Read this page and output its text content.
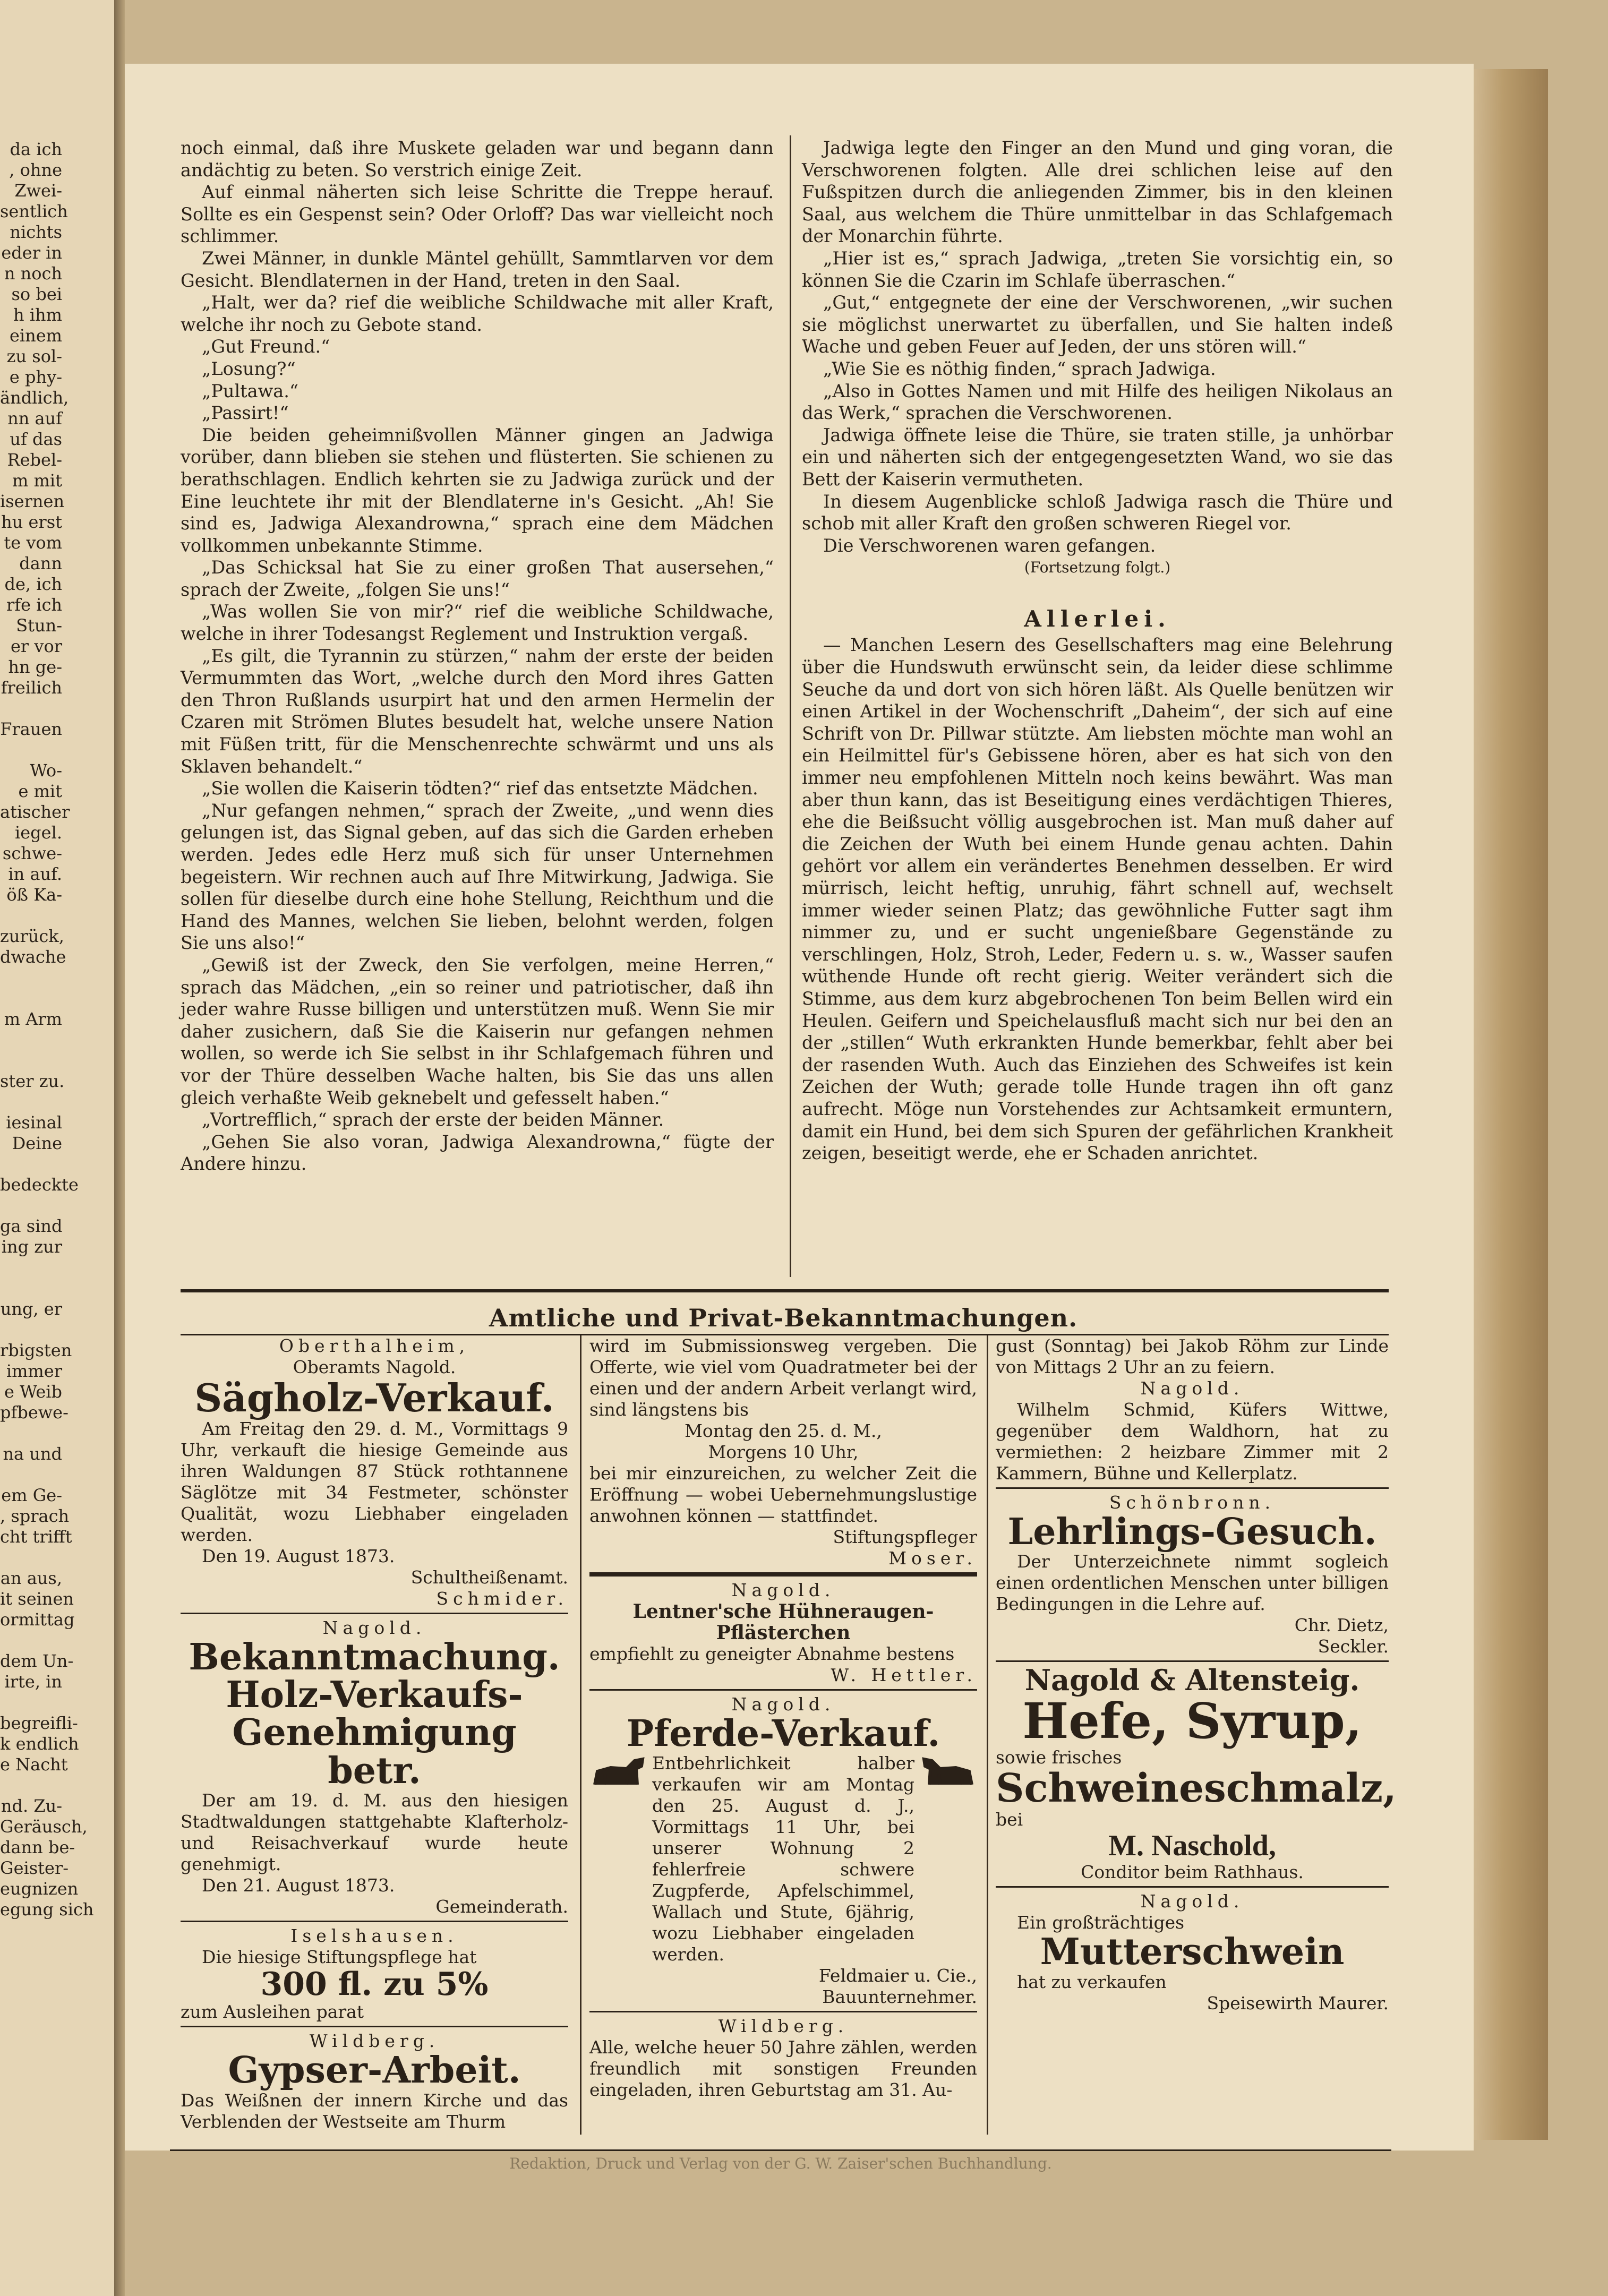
da ich
, ohne
Zwei-
sentlich
nichts
eder in
n noch
so bei
h ihm
einem
zu sol-
e phy-
ändlich,
nn auf
uf das
Rebel-
m mit
isernen
hu erst
te vom
dann
de, ich
rfe ich
Stun-
er vor
hn ge-
freilich

Frauen

Wo-
e mit
atischer
iegel.
schwe-
in auf.
öß Ka-

zurück,
dwache

m Arm

ster zu.

iesinal
Deine

bedeckte

ga sind
ing zur

ung, er

rbigsten
immer
e Weib
pfbewe-

na und

em Ge-
, sprach
cht trifft

an aus,
it seinen
ormittag

dem Un-
irte, in

begreifli-
k endlich
e Nacht

nd. Zu-
Geräusch,
dann be-
Geister-
eugnizen
egung sich

noch einmal, daß ihre Muskete geladen war und begann dann andächtig zu beten. So verstrich einige Zeit.

Auf einmal näherten sich leise Schritte die Treppe herauf. Sollte es ein Gespenst sein? Oder Orloff? Das war vielleicht noch schlimmer.

Zwei Männer, in dunkle Mäntel gehüllt, Sammtlarven vor dem Gesicht. Blendlaternen in der Hand, treten in den Saal.

„Halt, wer da? rief die weibliche Schildwache mit aller Kraft, welche ihr noch zu Gebote stand.

„Gut Freund.“

„Losung?“

„Pultawa.“

„Passirt!“

Die beiden geheimnißvollen Männer gingen an Jadwiga vorüber, dann blieben sie stehen und flüsterten. Sie schienen zu berathschlagen. Endlich kehrten sie zu Jadwiga zurück und der Eine leuchtete ihr mit der Blendlaterne in's Gesicht. „Ah! Sie sind es, Jadwiga Alexandrowna,“ sprach eine dem Mädchen vollkommen unbekannte Stimme.

„Das Schicksal hat Sie zu einer großen That ausersehen,“ sprach der Zweite, „folgen Sie uns!“

„Was wollen Sie von mir?“ rief die weibliche Schildwache, welche in ihrer Todesangst Reglement und Instruktion vergaß.

„Es gilt, die Tyrannin zu stürzen,“ nahm der erste der beiden Vermummten das Wort, „welche durch den Mord ihres Gatten den Thron Rußlands usurpirt hat und den armen Hermelin der Czaren mit Strömen Blutes besudelt hat, welche unsere Nation mit Füßen tritt, für die Menschenrechte schwärmt und uns als Sklaven behandelt.“

„Sie wollen die Kaiserin tödten?“ rief das entsetzte Mädchen.

„Nur gefangen nehmen,“ sprach der Zweite, „und wenn dies gelungen ist, das Signal geben, auf das sich die Garden erheben werden. Jedes edle Herz muß sich für unser Unternehmen begeistern. Wir rechnen auch auf Ihre Mitwirkung, Jadwiga. Sie sollen für dieselbe durch eine hohe Stellung, Reichthum und die Hand des Mannes, welchen Sie lieben, belohnt werden, folgen Sie uns also!“

„Gewiß ist der Zweck, den Sie verfolgen, meine Herren,“ sprach das Mädchen, „ein so reiner und patriotischer, daß ihn jeder wahre Russe billigen und unterstützen muß. Wenn Sie mir daher zusichern, daß Sie die Kaiserin nur gefangen nehmen wollen, so werde ich Sie selbst in ihr Schlafgemach führen und vor der Thüre desselben Wache halten, bis Sie das uns allen gleich verhaßte Weib geknebelt und gefesselt haben.“

„Vortrefflich,“ sprach der erste der beiden Männer.

„Gehen Sie also voran, Jadwiga Alexandrowna,“ fügte der Andere hinzu.

Jadwiga legte den Finger an den Mund und ging voran, die Verschworenen folgten. Alle drei schlichen leise auf den Fußspitzen durch die anliegenden Zimmer, bis in den kleinen Saal, aus welchem die Thüre unmittelbar in das Schlafgemach der Monarchin führte.

„Hier ist es,“ sprach Jadwiga, „treten Sie vorsichtig ein, so können Sie die Czarin im Schlafe überraschen.“

„Gut,“ entgegnete der eine der Verschworenen, „wir suchen sie möglichst unerwartet zu überfallen, und Sie halten indeß Wache und geben Feuer auf Jeden, der uns stören will.“

„Wie Sie es nöthig finden,“ sprach Jadwiga.

„Also in Gottes Namen und mit Hilfe des heiligen Nikolaus an das Werk,“ sprachen die Verschworenen.

Jadwiga öffnete leise die Thüre, sie traten stille, ja unhörbar ein und näherten sich der entgegengesetzten Wand, wo sie das Bett der Kaiserin vermutheten.

In diesem Augenblicke schloß Jadwiga rasch die Thüre und schob mit aller Kraft den großen schweren Riegel vor.

Die Verschworenen waren gefangen.

(Fortsetzung folgt.)

Allerlei.

— Manchen Lesern des Gesellschafters mag eine Belehrung über die Hundswuth erwünscht sein, da leider diese schlimme Seuche da und dort von sich hören läßt. Als Quelle benützen wir einen Artikel in der Wochenschrift „Daheim“, der sich auf eine Schrift von Dr. Pillwar stützte. Am liebsten möchte man wohl an ein Heilmittel für's Gebissene hören, aber es hat sich von den immer neu empfohlenen Mitteln noch keins bewährt. Was man aber thun kann, das ist Beseitigung eines verdächtigen Thieres, ehe die Beißsucht völlig ausgebrochen ist. Man muß daher auf die Zeichen der Wuth bei einem Hunde genau achten. Dahin gehört vor allem ein verändertes Benehmen desselben. Er wird mürrisch, leicht heftig, unruhig, fährt schnell auf, wechselt immer wieder seinen Platz; das gewöhnliche Futter sagt ihm nimmer zu, und er sucht ungenießbare Gegenstände zu verschlingen, Holz, Stroh, Leder, Federn u. s. w., Wasser saufen wüthende Hunde oft recht gierig. Weiter verändert sich die Stimme, aus dem kurz abgebrochenen Ton beim Bellen wird ein Heulen. Geifern und Speichelausfluß macht sich nur bei den an der „stillen“ Wuth erkrankten Hunde bemerkbar, fehlt aber bei der rasenden Wuth. Auch das Einziehen des Schweifes ist kein Zeichen der Wuth; gerade tolle Hunde tragen ihn oft ganz aufrecht. Möge nun Vorstehendes zur Achtsamkeit ermuntern, damit ein Hund, bei dem sich Spuren der gefährlichen Krankheit zeigen, beseitigt werde, ehe er Schaden anrichtet.

Amtliche und Privat-Bekanntmachungen.

Oberthalheim,

Oberamts Nagold.

Sägholz-Verkauf.

Am Freitag den 29. d. M., Vormittags 9 Uhr, verkauft die hiesige Gemeinde aus ihren Waldungen 87 Stück rothtannene Säglötze mit 34 Festmeter, schönster Qualität, wozu Liebhaber eingeladen werden.

Den 19. August 1873.

Schultheißenamt.

Schmider.

Nagold.

Bekanntmachung.

Holz-Verkaufs-Genehmigung betr.

Der am 19. d. M. aus den hiesigen Stadtwaldungen stattgehabte Klafterholz- und Reisachverkauf wurde heute genehmigt.

Den 21. August 1873.

Gemeinderath.

Iselshausen.

Die hiesige Stiftungspflege hat

300 fl. zu 5%

zum Ausleihen parat

Wildberg.

Gypser-Arbeit.

Das Weißnen der innern Kirche und das Verblenden der Westseite am Thurm

wird im Submissionsweg vergeben. Die Offerte, wie viel vom Quadratmeter bei der einen und der andern Arbeit verlangt wird, sind längstens bis

Montag den 25. d. M.,

Morgens 10 Uhr,

bei mir einzureichen, zu welcher Zeit die Eröffnung — wobei Uebernehmungslustige anwohnen können — stattfindet.

Stiftungspfleger

Moser.

Nagold.

Lentner'sche Hühneraugen-Pflästerchen

empfiehlt zu geneigter Abnahme bestens

W. Hettler.

Nagold.

Pferde-Verkauf.

Entbehrlichkeit halber verkaufen wir am Montag den 25. August d. J., Vormittags 11 Uhr, bei unserer Wohnung 2 fehlerfreie schwere Zugpferde, Apfelschimmel, Wallach und Stute, 6jährig, wozu Liebhaber eingeladen werden.

Feldmaier u. Cie.,

Bauunternehmer.

Wildberg.

Alle, welche heuer 50 Jahre zählen, werden freundlich mit sonstigen Freunden eingeladen, ihren Geburtstag am 31. Au-

gust (Sonntag) bei Jakob Röhm zur Linde von Mittags 2 Uhr an zu feiern.

Nagold.

Wilhelm Schmid, Küfers Wittwe, gegenüber dem Waldhorn, hat zu vermiethen: 2 heizbare Zimmer mit 2 Kammern, Bühne und Kellerplatz.

Schönbronn.

Lehrlings-Gesuch.

Der Unterzeichnete nimmt sogleich einen ordentlichen Menschen unter billigen Bedingungen in die Lehre auf.

Chr. Dietz,

Seckler.

Nagold & Altensteig.

Hefe, Syrup,

sowie frisches

Schweineschmalz,

bei

M. Naschold,

Conditor beim Rathhaus.

Nagold.

Ein großträchtiges

Mutterschwein

hat zu verkaufen

Speisewirth Maurer.

Redaktion, Druck und Verlag von der G. W. Zaiser'schen Buchhandlung.
